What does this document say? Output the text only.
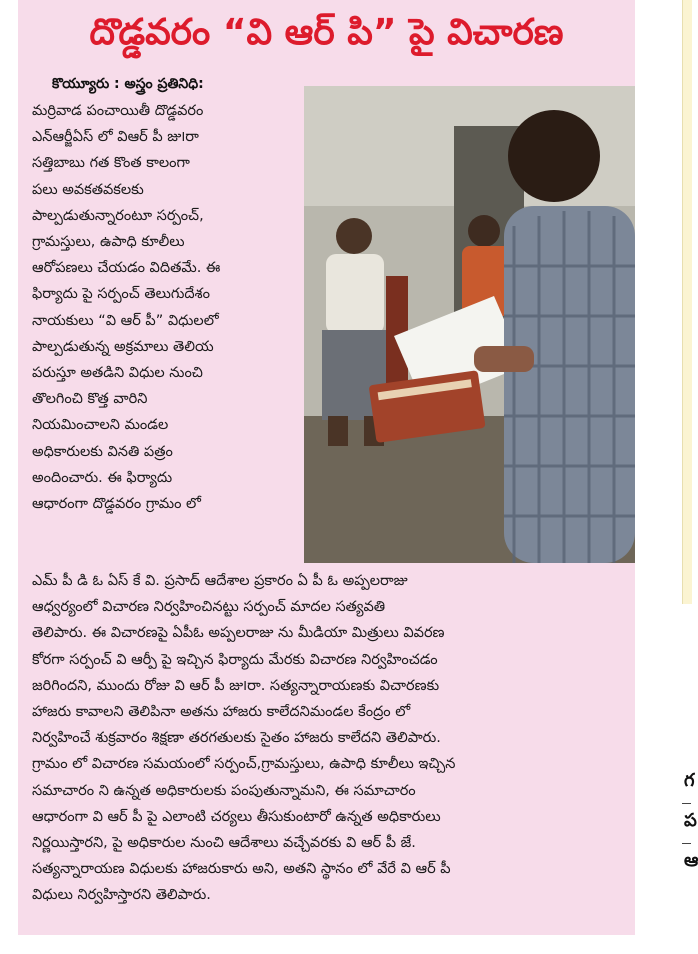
దొడ్డవరం “వి ఆర్ పి” పై విచారణ
కొయ్యూరు : అస్త్రం ప్రతినిధి:
మర్రివాడ పంచాయితీ దొడ్డవరం
ఎన్ఆర్జీఏస్ లో విఆర్ పీ జు౹రా
సత్తిబాబు గత కొంత కాలంగా
పలు అవకతవకలకు
పాల్పడుతున్నారంటూ సర్పంచ్,
గ్రామస్తులు, ఉపాధి కూలీలు
ఆరోపణలు చేయడం విదితమే. ఈ
ఫిర్యాదు పై సర్పంచ్ తెలుగుదేశం
నాయకులు “వి ఆర్ పీ” విధులలో
పాల్పడుతున్న అక్రమాలు తెలియ
పరుస్తూ అతడిని విధుల నుంచి
తొలగించి కొత్త వారిని
నియమించాలని మండల
అధికారులకు వినతి పత్రం
అందించారు. ఈ ఫిర్యాదు
ఆధారంగా దొడ్డవరం గ్రామం లో
ఎమ్ పీ డి ఓ ఏస్ కే వి. ప్రసాద్ ఆదేశాల ప్రకారం ఏ పీ ఓ అప్పలరాజు
ఆధ్వర్యంలో విచారణ నిర్వహించినట్టు సర్పంచ్ మాదల సత్యవతి
తెలిపారు. ఈ విచారణపై ఏపీఓ అప్పలరాజు ను మీడియా మిత్రులు వివరణ
కోరగా సర్పంచ్ వి ఆర్పీ పై ఇచ్చిన ఫిర్యాదు మేరకు విచారణ నిర్వహించడం
జరిగిందని, ముందు రోజు వి ఆర్ పీ జు౹రా. సత్యన్నారాయణకు విచారణకు
హాజరు కావాలని తెలిపినా అతను హాజరు కాలేదనిమండల కేంద్రం లో
నిర్వహించే శుక్రవారం శిక్షణా తరగతులకు సైతం హాజరు కాలేదని తెలిపారు.
గ్రామం లో విచారణ సమయంలో సర్పంచ్,గ్రామస్తులు, ఉపాధి కూలీలు ఇచ్చిన
సమాచారం ని ఉన్నత అధికారులకు పంపుతున్నామని, ఈ సమాచారం
ఆధారంగా వి ఆర్ పీ పై ఎలాంటి చర్యలు తీసుకుంటారో ఉన్నత అధికారులు
నిర్ణయిస్తారని, పై అధికారుల నుంచి ఆదేశాలు వచ్చేవరకు వి ఆర్ పీ జే.
సత్యన్నారాయణ విధులకు హాజరుకారు అని, అతని స్థానం లో వేరే వి ఆర్ పీ
విధులు నిర్వహిస్తారని తెలిపారు.
గ
ప
ఆ
